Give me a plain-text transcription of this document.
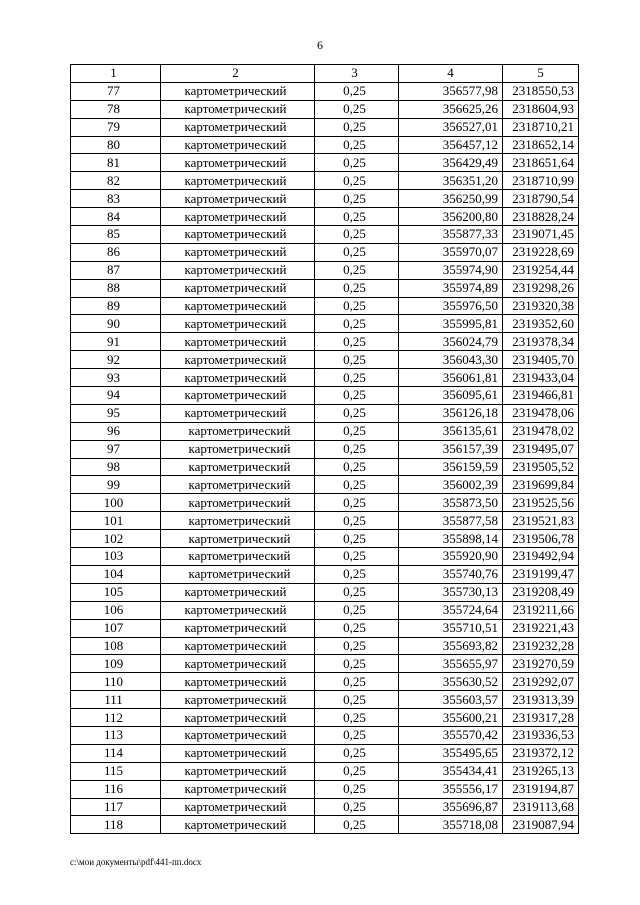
6
1	2	3	4	5
77	картометрический	0,25	356577,98	2318550,53
78	картометрический	0,25	356625,26	2318604,93
79	картометрический	0,25	356527,01	2318710,21
80	картометрический	0,25	356457,12	2318652,14
81	картометрический	0,25	356429,49	2318651,64
82	картометрический	0,25	356351,20	2318710,99
83	картометрический	0,25	356250,99	2318790,54
84	картометрический	0,25	356200,80	2318828,24
85	картометрический	0,25	355877,33	2319071,45
86	картометрический	0,25	355970,07	2319228,69
87	картометрический	0,25	355974,90	2319254,44
88	картометрический	0,25	355974,89	2319298,26
89	картометрический	0,25	355976,50	2319320,38
90	картометрический	0,25	355995,81	2319352,60
91	картометрический	0,25	356024,79	2319378,34
92	картометрический	0,25	356043,30	2319405,70
93	картометрический	0,25	356061,81	2319433,04
94	картометрический	0,25	356095,61	2319466,81
95	картометрический	0,25	356126,18	2319478,06
96	картометрический	0,25	356135,61	2319478,02
97	картометрический	0,25	356157,39	2319495,07
98	картометрический	0,25	356159,59	2319505,52
99	картометрический	0,25	356002,39	2319699,84
100	картометрический	0,25	355873,50	2319525,56
101	картометрический	0,25	355877,58	2319521,83
102	картометрический	0,25	355898,14	2319506,78
103	картометрический	0,25	355920,90	2319492,94
104	картометрический	0,25	355740,76	2319199,47
105	картометрический	0,25	355730,13	2319208,49
106	картометрический	0,25	355724,64	2319211,66
107	картометрический	0,25	355710,51	2319221,43
108	картометрический	0,25	355693,82	2319232,28
109	картометрический	0,25	355655,97	2319270,59
110	картометрический	0,25	355630,52	2319292,07
111	картометрический	0,25	355603,57	2319313,39
112	картометрический	0,25	355600,21	2319317,28
113	картометрический	0,25	355570,42	2319336,53
114	картометрический	0,25	355495,65	2319372,12
115	картометрический	0,25	355434,41	2319265,13
116	картометрический	0,25	355556,17	2319194,87
117	картометрический	0,25	355696,87	2319113,68
118	картометрический	0,25	355718,08	2319087,94
c:\мои документы\pdf\441-пп.docx
